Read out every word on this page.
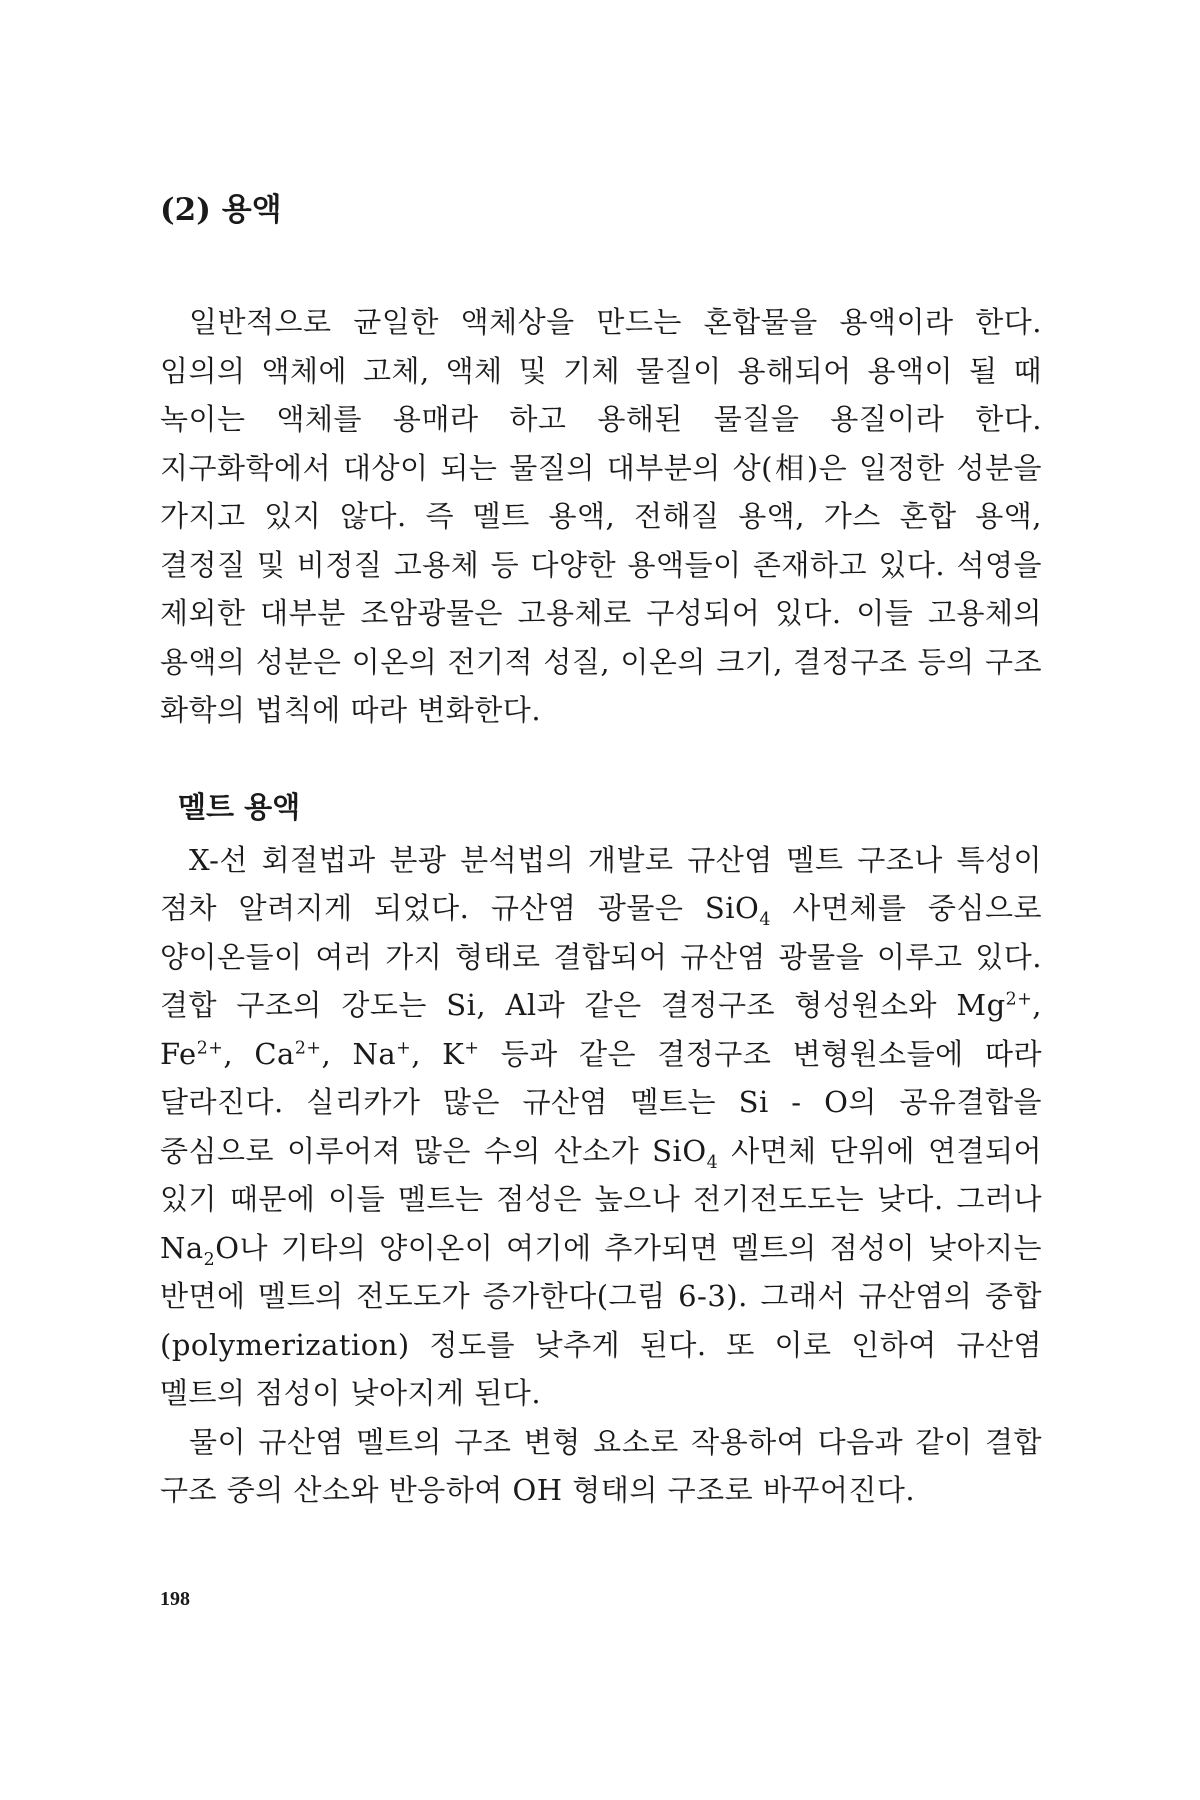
(2) 용액

일반적으로 균일한 액체상을 만드는 혼합물을 용액이라 한다. 임의의 액체에 고체, 액체 및 기체 물질이 용해되어 용액이 될 때 녹이는 액체를 용매라 하고 용해된 물질을 용질이라 한다. 지구화학에서 대상이 되는 물질의 대부분의 상(相)은 일정한 성분을 가지고 있지 않다. 즉 멜트 용액, 전해질 용액, 가스 혼합 용액, 결정질 및 비정질 고용체 등 다양한 용액들이 존재하고 있다. 석영을 제외한 대부분 조암광물은 고용체로 구성되어 있다. 이들 고용체의 용액의 성분은 이온의 전기적 성질, 이온의 크기, 결정구조 등의 구조 화학의 법칙에 따라 변화한다.

멜트 용액

X-선 회절법과 분광 분석법의 개발로 규산염 멜트 구조나 특성이 점차 알려지게 되었다. 규산염 광물은 SiO$_4$ 사면체를 중심으로 양이온들이 여러 가지 형태로 결합되어 규산염 광물을 이루고 있다. 결합 구조의 강도는 Si, Al과 같은 결정구조 형성원소와 $Mg^{2+}$, $Fe^{2+}$, $Ca^{2+}$, Na+, K+ 등과 같은 결정구조 변형원소들에 따라 달라진다. 실리카가 많은 규산염 멜트는 Si - O의 공유결합을 중심으로 이루어져 많은 수의 산소가 SiO$_4$ 사면체 단위에 연결되어 있기 때문에 이들 멜트는 점성은 높으나 전기전도도는 낮다. 그러나 $Na_2O$나 기타의 양이온이 여기에 추가되면 멜트의 점성이 낮아지는 반면에 멜트의 전도도가 증가한다(그림 6-3). 그래서 규산염의 중합(polymerization) 정도를 낮추게 된다. 또 이로 인하여 규산염 멜트의 점성이 낮아지게 된다.

물이 규산염 멜트의 구조 변형 요소로 작용하여 다음과 같이 결합 구조 중의 산소와 반응하여 OH 형태의 구조로 바꾸어진다.

198
